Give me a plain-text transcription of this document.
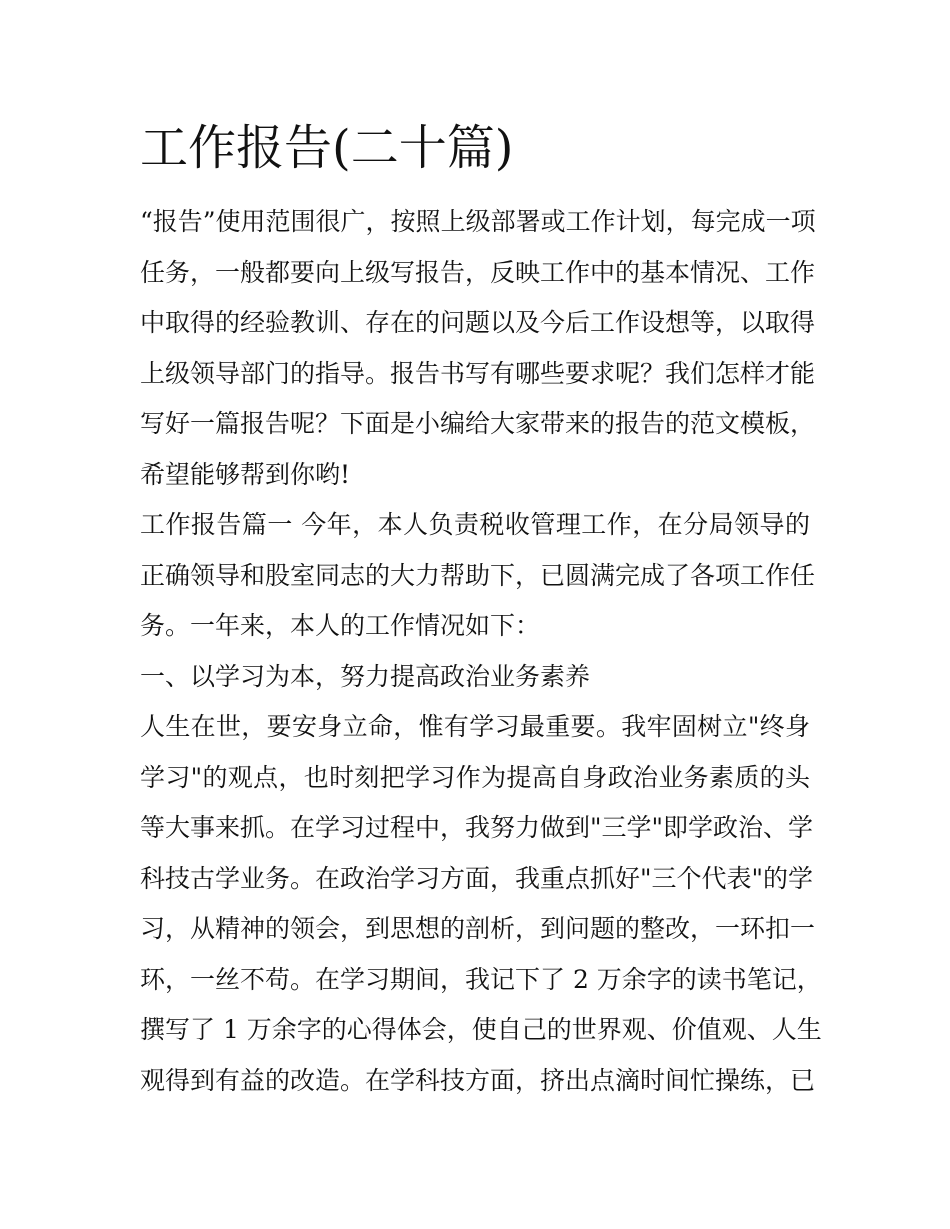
工作报告(二十篇)
“报告”使用范围很广，按照上级部署或工作计划，每完成一项
任务，一般都要向上级写报告，反映工作中的基本情况、工作
中取得的经验教训、存在的问题以及今后工作设想等，以取得
上级领导部门的指导。报告书写有哪些要求呢？我们怎样才能
写好一篇报告呢？下面是小编给大家带来的报告的范文模板，
希望能够帮到你哟!
工作报告篇一 今年，本人负责税收管理工作，在分局领导的
正确领导和股室同志的大力帮助下，已圆满完成了各项工作任
务。一年来，本人的工作情况如下：
一、以学习为本，努力提高政治业务素养
人生在世，要安身立命，惟有学习最重要。我牢固树立"终身
学习"的观点，也时刻把学习作为提高自身政治业务素质的头
等大事来抓。在学习过程中，我努力做到"三学"即学政治、学
科技古学业务。在政治学习方面，我重点抓好"三个代表"的学
习，从精神的领会，到思想的剖析，到问题的整改，一环扣一
环，一丝不苟。在学习期间，我记下了 2 万余字的读书笔记，
撰写了 1 万余字的心得体会，使自己的世界观、价值观、人生
观得到有益的改造。在学科技方面，挤出点滴时间忙操练，已
